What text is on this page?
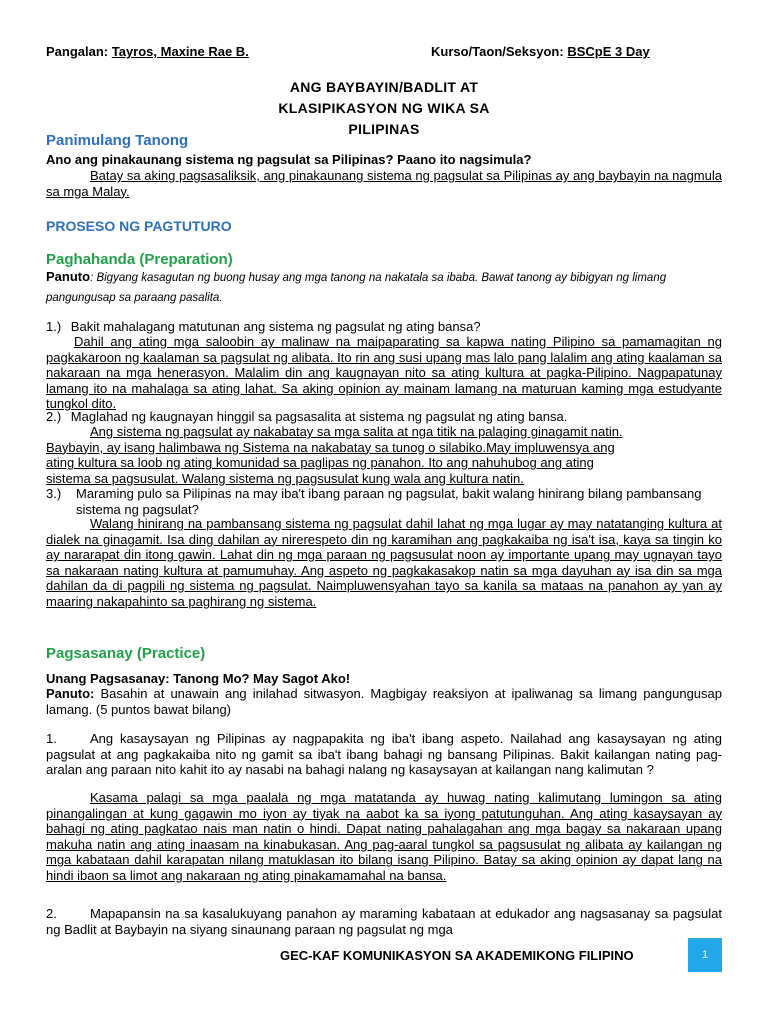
Pangalan: Tayros, Maxine Rae B.	Kurso/Taon/Seksyon: BSCpE 3 Day
ANG BAYBAYIN/BADLIT AT
KLASIPIKASYON NG WIKA SA
PILIPINAS
Panimulang Tanong
Ano ang pinakaunang sistema ng pagsulat sa Pilipinas? Paano ito nagsimula?
Batay sa aking pagsasaliksik, ang pinakaunang sistema ng pagsulat sa Pilipinas ay ang baybayin na nagmula sa mga Malay.
PROSESO NG PAGTUTURO
Paghahanda (Preparation)
Panuto: Bigyang kasagutan ng buong husay ang mga tanong na nakatala sa ibaba. Bawat tanong ay bibigyan ng limang pangungusap sa paraang pasalita.
1.) Bakit mahalagang matutunan ang sistema ng pagsulat ng ating bansa?
Dahil ang ating mga saloobin ay malinaw na maipaparating sa kapwa nating Pilipino sa pamamagitan ng pagkakaroon ng kaalaman sa pagsulat ng alibata. Ito rin ang susi upang mas lalo pang lalalim ang ating kaalaman sa nakaraan na mga henerasyon. Malalim din ang kaugnayan nito sa ating kultura at pagka-Pilipino. Nagpapatunay lamang ito na mahalaga sa ating lahat. Sa aking opinion ay mainam lamang na maturuan kaming mga estudyante tungkol dito.
2.) Maglahad ng kaugnayan hinggil sa pagsasalita at sistema ng pagsulat ng ating bansa.
Ang sistema ng pagsulat ay nakabatay sa mga salita at nga titik na palaging ginagamit natin.
Baybayin, ay isang halimbawa ng Sistema na nakabatay sa tunog o silabiko.May impluwensya ang
ating kultura sa loob ng ating komunidad sa paglipas ng panahon. Ito ang nahuhubog ang ating
sistema sa pagsusulat. Walang sistema ng pagsusulat kung wala ang kultura natin.
3.)	Maraming pulo sa Pilipinas na may iba't ibang paraan ng pagsulat, bakit walang hinirang bilang pambansang sistema ng pagsulat?
Walang hinirang na pambansang sistema ng pagsulat dahil lahat ng mga lugar ay may natatanging kultura at dialek na ginagamit. Isa ding dahilan ay nirerespeto din ng karamihan ang pagkakaiba ng isa't isa, kaya sa tingin ko ay nararapat din itong gawin. Lahat din ng mga paraan ng pagsusulat noon ay importante upang may ugnayan tayo sa nakaraan nating kultura at pamumuhay. Ang aspeto ng pagkakasakop natin sa mga dayuhan ay isa din sa mga dahilan da di pagpili ng sistema ng pagsulat. Naimpluwensyahan tayo sa kanila sa mataas na panahon ay yan ay maaring nakapahinto sa paghirang ng sistema.
Pagsasanay (Practice)
Unang Pagsasanay: Tanong Mo? May Sagot Ako!
Panuto: Basahin at unawain ang inilahad sitwasyon. Magbigay reaksiyon at ipaliwanag sa limang pangungusap lamang. (5 puntos bawat bilang)
1.	Ang kasaysayan ng Pilipinas ay nagpapakita ng iba't ibang aspeto. Nailahad ang kasaysayan ng ating pagsulat at ang pagkakaiba nito ng gamit sa iba't ibang bahagi ng bansang Pilipinas. Bakit kailangan nating pag-aralan ang paraan nito kahit ito ay nasabi na bahagi nalang ng kasaysayan at kailangan nang kalimutan ?
Kasama palagi sa mga paalala ng mga matatanda ay huwag nating kalimutang lumingon sa ating pinangalingan at kung gagawin mo iyon ay tiyak na aabot ka sa iyong patutunguhan. Ang ating kasaysayan ay bahagi ng ating pagkatao nais man natin o hindi. Dapat nating pahalagahan ang mga bagay sa nakaraan upang makuha natin ang ating inaasam na kinabukasan. Ang pag-aaral tungkol sa pagsusulat ng alibata ay kailangan ng mga kabataan dahil karapatan nilang matuklasan ito bilang isang Pilipino. Batay sa aking opinion ay dapat lang na hindi ibaon sa limot ang nakaraan ng ating pinakamamahal na bansa.
2.	Mapapansin na sa kasalukuyang panahon ay maraming kabataan at edukador ang nagsasanay sa pagsulat ng Badlit at Baybayin na siyang sinaunang paraan ng pagsulat ng mga
GEC-KAF KOMUNIKASYON SA AKADEMIKONG FILIPINO	1
